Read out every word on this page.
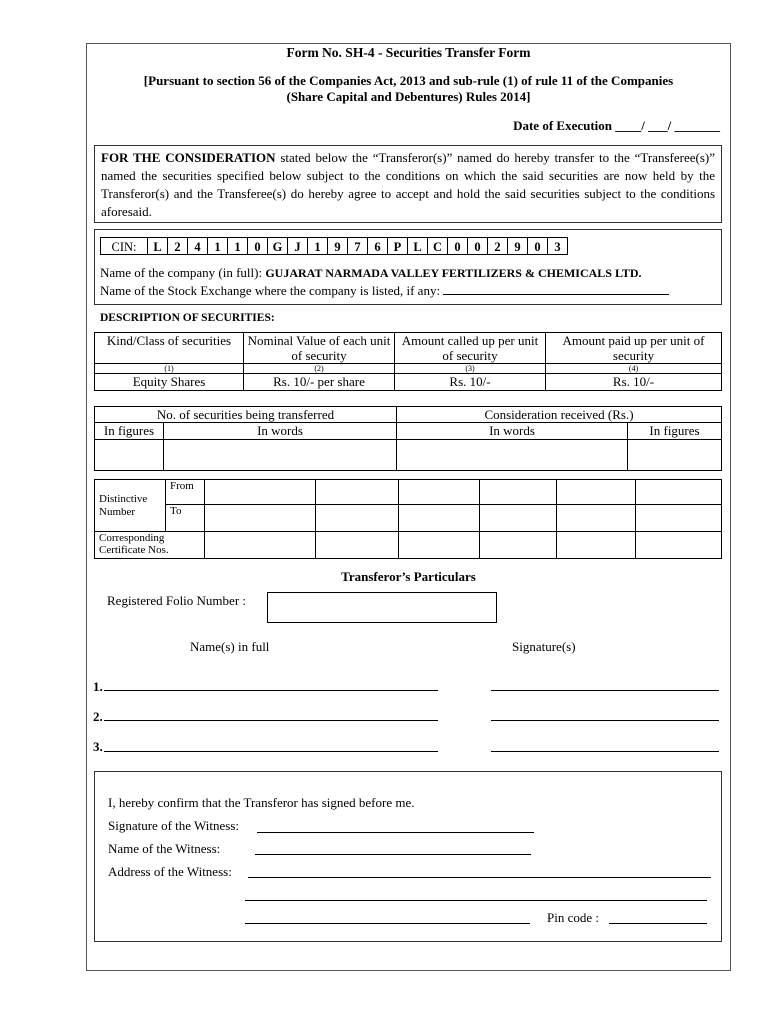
Form No. SH-4 - Securities Transfer Form
[Pursuant to section 56 of the Companies Act, 2013 and sub-rule (1) of rule 11 of the Companies
(Share Capital and Debentures) Rules 2014]
Date of Execution ____/ ___/ _______
FOR THE CONSIDERATION stated below the “Transferor(s)” named do hereby transfer to the “Transferee(s)” named the securities specified below subject to the conditions on which the said securities are now held by the Transferor(s) and the Transferee(s) do hereby agree to accept and hold the said securities subject to the conditions aforesaid.
CIN:	L	2	4	1	1	0 G J	1	9	7	6	P L C 0	0	2	9	0	3
Name of the company (in full): GUJARAT NARMADA VALLEY FERTILIZERS & CHEMICALS LTD.
Name of the Stock Exchange where the company is listed, if any:
DESCRIPTION OF SECURITIES:
Kind/Class of securities	Nominal Value of each unit of security	Amount called up per unit of security	Amount paid up per unit of security
(1)	(2)	(3)	(4)
Equity Shares	Rs. 10/- per share	Rs. 10/-	Rs. 10/-
No. of securities being transferred		Consideration received (Rs.)	
In figures	In words	In words	In figures

Distinctive Number	From						
	To						
Corresponding Certificate Nos.							
Transferor’s Particulars
Registered Folio Number :
Name(s) in full	Signature(s)
1.
2.
3.
I, hereby confirm that the Transferor has signed before me.
Signature of the Witness:
Name of the Witness:
Address of the Witness:
Pin code :
